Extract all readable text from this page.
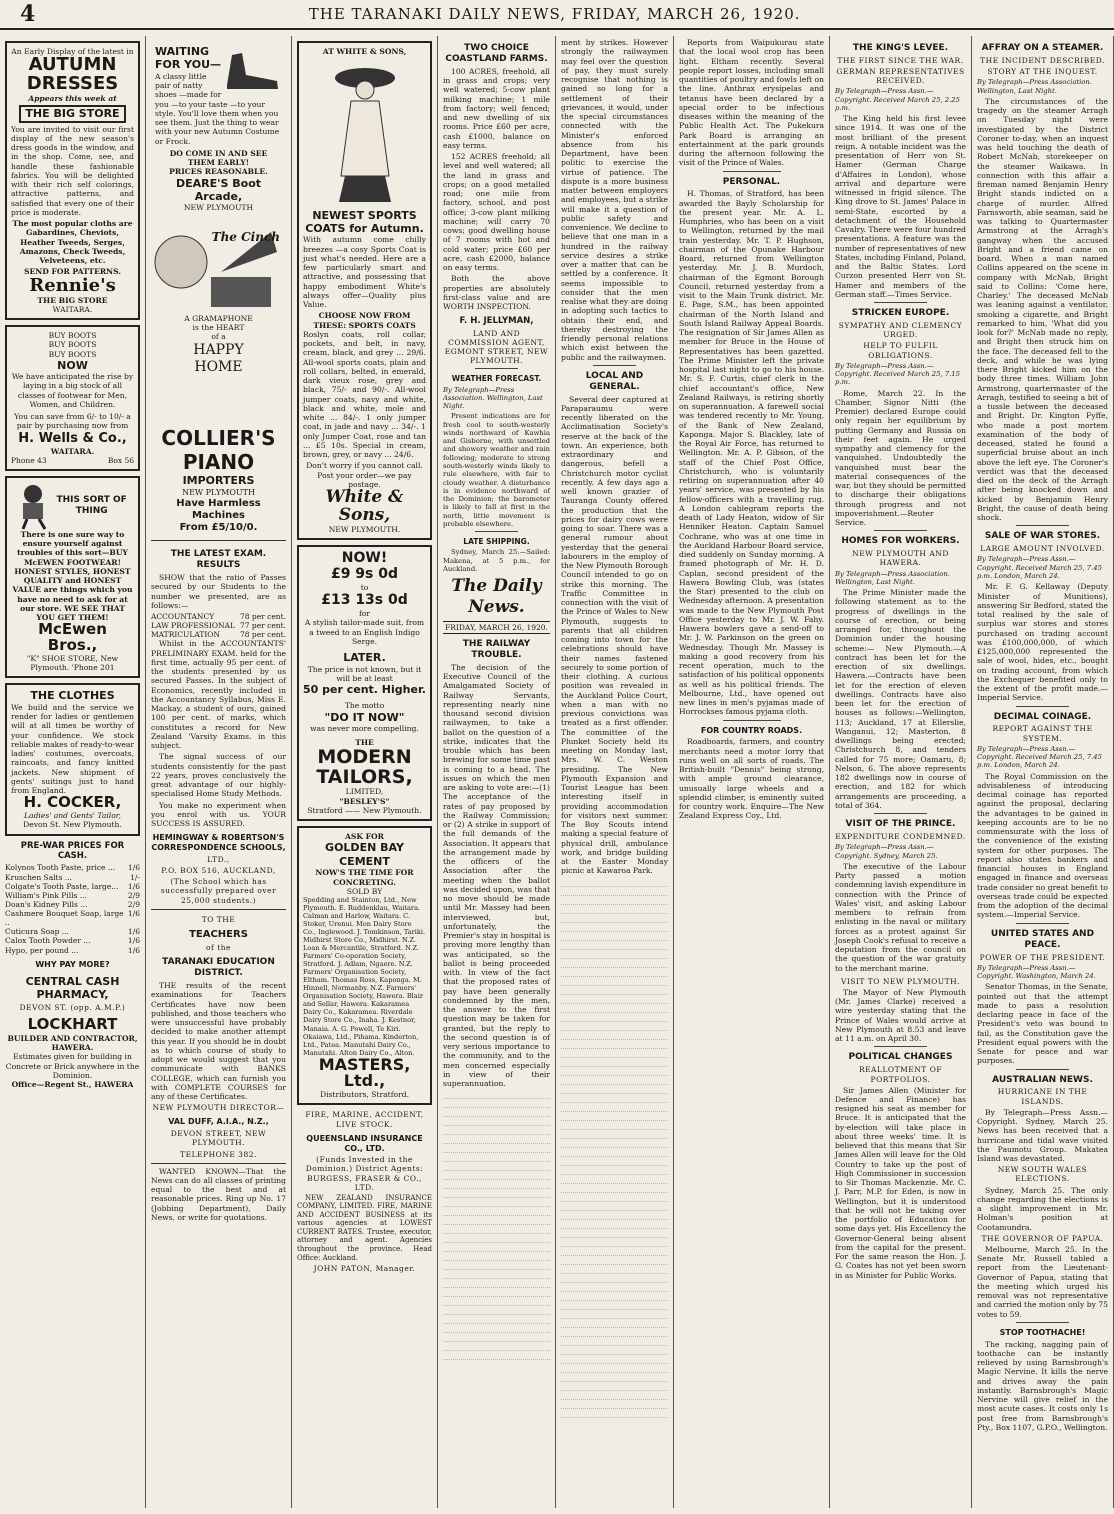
4	THE TARANAKI DAILY NEWS, FRIDAY, MARCH 26, 1920.
An Early Display of the latest in
AUTUMN
DRESSES
Appears this week at
THE BIG STORE
You are invited to visit our first display of the new season's dress goods in the window, and in the shop. Come, see, and handle these fashionable fabrics. You will be delighted with their rich self colorings, attractive patterns, and satisfied that every one of their price is moderate.
The most popular cloths are Gabardines, Cheviots, Heather Tweeds, Serges, Amazons, Check Tweeds, Velveteens, etc.
SEND FOR PATTERNS.
Rennie's
THE BIG STORE
WAITARA.
BUY BOOTS
BUY BOOTS
BUY BOOTS
NOW
We have anticipated the rise by laying in a big stock of all classes of footwear for Men, Women, and Children.
You can save from 6/- to 10/- a pair by purchasing now from
H. Wells & Co.,
WAITARA.
Phone 43	Box 56
THIS SORT OF THING
There is one sure way to ensure yourself against troubles of this sort—BUY McEWEN FOOTWEAR! HONEST STYLES, HONEST QUALITY and HONEST VALUE are things which you have no need to ask for at our store. WE SEE THAT YOU GET THEM!
McEwen Bros.,
"K" SHOE STORE, New Plymouth. 'Phone 201
THE CLOTHES
We build and the service we render for ladies or gentlemen will at all times be worthy of your confidence. We stock reliable makes of ready-to-wear ladies' costumes, overcoats, raincoats, and fancy knitted jackets. New shipment of gents' suitings just to hand from England.
H. COCKER,
Ladies' and Gents' Tailor,
Devon St. New Plymouth.
PRE-WAR PRICES FOR CASH.
Kolynos Tooth Paste, price ... 1/6
Kruschen Salts ...	1/-
Colgate's Tooth Paste, large... 1/6
William's Pink Pills ...	2/9
Doan's Kidney Pills ...	2/9
Cashmere Bouquet Soap, large ..
1/6
Cuticura Soap ...	1/6
Calox Tooth Powder ...	1/6
Hypo, per pound ...	1/6
WHY PAY MORE?
CENTRAL CASH PHARMACY,
DEVON ST. (opp. A.M.P.)
LOCKHART
BUILDER AND CONTRACTOR, HAWERA.
Estimates given for building in Concrete or Brick anywhere in the Dominion.
Office—Regent St., HAWERA
WAITING FOR YOU—
A classy little pair of natty shoes —made for you —to your taste —to your style. You'll love them when you see them. Just the thing to wear with your new Autumn Costume or Frock.
DO COME IN AND SEE THEM EARLY!
PRICES REASONABLE.
DEARE'S Boot Arcade,
NEW PLYMOUTH
The Cinch
A GRAMAPHONE
is the HEART
of a
HAPPY
HOME
COLLIER'S
PIANO
IMPORTERS
NEW PLYMOUTH
Have Harmless Machines
From £5/10/0.
THE LATEST EXAM. RESULTS

SHOW that the ratio of Passes secured by our Students to the number we presented, are as follows:—

ACCOUNTANCY	78 per cent.
LAW PROFESSIONAL 77 per cent.
MATRICULATION	78 per cent.

Whilst in the ACCOUNTANTS' PRELIMINARY EXAM. held for the first time, actually 95 per cent. of the students presented by us secured Passes. In the subject of Economics, recently included in the Accountancy Syllabus, Miss E. Mackay, a student of ours, gained 100 per cent. of marks, which constitutes a record for New Zealand 'Varsity Exams. in this subject.

The signal success of our students consistently for the past 22 years, proves conclusively the great advantage of our highly-specialised Home Study Methods.

You make no experiment when you enrol with us. YOUR SUCCESS IS ASSURED.

HEMINGWAY & ROBERTSON'S CORRESPONDENCE SCHOOLS,
LTD.,
P.O. BOX 516, AUCKLAND,
(The School which has successfully prepared over 25,000 students.)
TO THE
TEACHERS
of the
TARANAKI EDUCATION DISTRICT.

THE results of the recent examinations for Teachers Certificates have now been published, and those teachers who were unsuccessful have probably decided to make another attempt this year. If you should be in doubt as to which course of study to adopt we would suggest that you communicate with BANKS COLLEGE, which can furnish you with COMPLETE COURSES for any of these Certificates.

NEW PLYMOUTH DIRECTOR—
VAL DUFF, A.I.A., N.Z.,
DEVON STREET, NEW PLYMOUTH.
TELEPHONE 382.

WANTED KNOWN—That the News can do all classes of printing equal to the best and at reasonable prices. Ring up No. 17 (Jobbing Department), Daily News, or write for quotations.

AT WHITE & SONS,
NEWEST SPORTS COATS for Autumn.
With autumn come chilly breezes —a cosy Sports Coat is just what's needed. Here are a few particularly smart and attractive, and possessing that happy embodiment White's always offer—Quality plus Value.
CHOOSE NOW FROM THESE: SPORTS COATS
Roslyn coats, roll collar, pockets, and belt, in navy, cream, black, and grey ... 29/6. All-wool sports coats, plain and roll collars, belted, in emerald, dark vieux rose, grey and black, 75/- and 90/-. All-wool jumper coats, navy and white, black and white, mole and white ... 84/-. 1 only jumper coat, in jade and navy ... 34/-. 1 only Jumper Coat, rose and tan ... £5 10s. Special in cream, brown, grey, or navy ... 24/6.
Don't worry if you cannot call. Post your order—we pay postage.
White & Sons,
NEW PLYMOUTH.
NOW!
£9 9s 0d
to
£13 13s 0d
for
A stylish tailor-made suit, from a tweed to an English Indigo Serge.
LATER.
The price is not known, but it will be at least
50 per cent. Higher.
The motto
"DO IT NOW"
was never more compelling.
THE
MODERN
TAILORS,
LIMITED,
"BESLEY'S"
Stratford —— New Plymouth.
ASK FOR
GOLDEN BAY CEMENT
NOW'S THE TIME FOR CONCRETING.
SOLD BY
Spedding and Stainton, Ltd., New Plymouth. E. Ruddenklau, Waitara. Calman and Harlow, Waitara. C. Stoker, Urenui. Mon Dairy Store Co., Inglewood. J. Tomkinson, Tariki. Midhirst Store Co., Midhirst. N.Z. Loan & Mercantile, Stratford. N.Z. Farmers' Co-operation Society, Stratford. J. Adlam, Ngaere. N.Z. Farmers' Organisation Society, Eltham. Thomas Ross, Kaponga. M. Hinnell, Normanby. N.Z. Farmers' Organisation Society, Hawera. Blair and Sellar, Hawera. Kakaramea Dairy Co., Kakaramea. Riverdale Dairy Store Co., Inaha. J. Kestnor, Manaia. A. G. Powell, Te Kiri. Okaiawa, Ltd., Pihama. Kinderton, Ltd., Patea. Manutahi Dairy Co., Manutahi. Alton Dairy Co., Alton.
MASTERS, Ltd.,
Distributors, Stratford.
FIRE, MARINE, ACCIDENT, LIVE STOCK.
QUEENSLAND INSURANCE CO., LTD.
(Funds Invested in the Dominion.) District Agents: BURGESS, FRASER & CO., LTD.

NEW ZEALAND INSURANCE COMPANY, LIMITED. FIRE, MARINE AND ACCIDENT BUSINESS at its various agencies at LOWEST CURRENT RATES. Trustee, executor, attorney and agent. Agencies throughout the province. Head Office: Auckland.

JOHN PATON, Manager.
TWO CHOICE COASTLAND FARMS.

100 ACRES, freehold, all in grass and crops; very well watered; 5-cow plant milking machine; 1 mile from factory; well fenced; and new dwelling of six rooms. Price £60 per acre, cash £1000, balance on easy terms.

152 ACRES freehold; all level and well watered; all the land in grass and crops; on a good metalled road; one mile from factory, school, and post office; 3-cow plant milking machine; will carry 70 cows; good dwelling house of 7 rooms with hot and cold water; price £60 per acre, cash £2000, balance on easy terms.

Both the above properties are absolutely first-class value and are WORTH INSPECTION.

F. H. JELLYMAN,
LAND AND COMMISSION AGENT, EGMONT STREET, NEW PLYMOUTH.
WEATHER FORECAST.
By Telegraph—Press Association. Wellington, Last Night.

Present indications are for fresh cool to south-westerly winds northward of Kawhia and Gisborne, with unsettled and showery weather and rain following; moderate to strong south-westerly winds likely to rule elsewhere, with fair to cloudy weather. A disturbance is in evidence northward of the Dominion; the barometer is likely to fall at first in the north, little movement is probable elsewhere.

LATE SHIPPING.

Sydney, March 25.—Sailed: Makena, at 5 p.m., for Auckland.

The Daily News.
FRIDAY, MARCH 26, 1920.
THE RAILWAY TROUBLE.

The decision of the Executive Council of the Amalgamated Society of Railway Servants, representing nearly nine thousand second division railwaymen, to take a ballot on the question of a strike, indicates that the trouble which has been brewing for some time past is coming to a head. The issues on which the men are asking to vote are:—(1) The acceptance of the rates of pay proposed by the Railway Commission; or (2) A strike in support of the full demands of the Association. It appears that the arrangement made by the officers of the Association after the meeting when the ballot was decided upon, was that no move should be made until Mr. Massey had been interviewed, but, unfortunately, the Premier's stay in hospital is proving more lengthy than was anticipated, so the ballot is being proceeded with. In view of the fact that the proposed rates of pay have been generally condemned by the men, the answer to the first question may be taken for granted, but the reply to the second question is of very serious importance to the community, and to the men concerned especially in view of their superannuation.

ment by strikes. However strongly the railwaymen may feel over the question of pay, they must surely recognise that nothing is gained so long for a settlement of their grievances, it would, under the special circumstances connected with the Minister's enforced absence from his Department, have been politic to exercise the virtue of patience. The dispute is a more business matter between employers and employees, but a strike will make it a question of public safety and convenience. We decline to believe that one man in a hundred in the railway service desires a strike over a matter that can be settled by a conference. It seems impossible to consider that the men realise what they are doing in adopting such tactics to obtain their end, and thereby destroying the friendly personal relations which exist between the public and the railwaymen.

LOCAL AND GENERAL.

Several deer captured at Paraparaumu were recently liberated on the Acclimatisation Society's reserve at the back of the town. An experience, both extraordinary and dangerous, befell a Christchurch motor cyclist recently. A few days ago a well known grazier of Tauranga County offered the production that the prices for dairy cows were going to soar. There was a general rumour about yesterday that the general labourers in the employ of the New Plymouth Borough Council intended to go on strike this morning. The Traffic Committee in connection with the visit of the Prince of Wales to New Plymouth, suggests to parents that all children coming into town for the celebrations should have their names fastened securely to some portion of their clothing. A curious position was revealed in the Auckland Police Court, when a man with no previous convictions was treated as a first offender. The committee of the Plunket Society held its meeting on Monday last, Mrs. W. C. Weston presiding. The New Plymouth Expansion and Tourist League has been interesting itself in providing accommodation for visitors next summer. The Boy Scouts intend making a special feature of physical drill, ambulance work, and bridge building at the Easter Monday picnic at Kawaroa Park.

Reports from Waipukurau state that the local wool crop has been light. Eltham recently. Several people report losses, including small quantities of poultry and fowls left on the line. Anthrax erysipelas and tetanus have been declared by a special order to be infectious diseases within the meaning of the Public Health Act. The Pukekura Park Board is arranging an entertainment at the park grounds during the afternoon following the visit of the Prince of Wales.

PERSONAL.

H. Thomas, of Stratford, has been awarded the Bayly Scholarship for the present year. Mr. A. L. Humphries, who has been on a visit to Wellington, returned by the mail train yesterday. Mr. T. P. Hughson, chairman of the Opunake Harbour Board, returned from Wellington yesterday. Mr. J. B. Murdoch, chairman of the Egmont Borough Council, returned yesterday from a visit to the Main Trunk district. Mr. E. Page, S.M., has been appointed chairman of the North Island and South Island Railway Appeal Boards. The resignation of Sir James Allen as member for Bruce in the House of Representatives has been gazetted. The Prime Minister left the private hospital last night to go to his house. Mr. S. F. Curtis, chief clerk in the chief accountant's office, New Zealand Railways, is retiring shortly on superannuation. A farewell social was tendered recently to Mr. Young, of the Bank of New Zealand, Kaponga. Major S. Blackley, late of the Royal Air Force, has returned to Wellington. Mr. A. P. Gibson, of the staff of the Chief Post Office, Christchurch, who is voluntarily retiring on superannuation after 40 years' service, was presented by his fellow-officers with a travelling rug. A London cablegram reports the death of Lady Heaton, widow of Sir Henniker Heaton. Captain Samuel Cochrane, who was at one time in the Auckland Harbour Board service, died suddenly on Sunday morning. A framed photograph of Mr. H. D. Caplan, second president of the Hawera Bowling Club, was (states the Star) presented to the club on Wednesday afternoon. A presentation was made to the New Plymouth Post Office yesterday to Mr. J. W. Fahy. Hawera bowlers gave a send-off to Mr. J. W. Parkinson on the green on Wednesday. Though Mr. Massey is making a good recovery from his recent operation, much to the satisfaction of his political opponents as well as his political friends. The Melbourne, Ltd., have opened out new lines in men's pyjamas made of Horrockses famous pyjama cloth.

FOR COUNTRY ROADS.

Roadboards, farmers, and country merchants need a motor lorry that runs well on all sorts of roads. The British-built "Dennis" being strong, with ample ground clearance, unusually large wheels and a splendid climber, is eminently suited for country work. Enquire—The New Zealand Express Coy., Ltd.

THE KING'S LEVEE.
THE FIRST SINCE THE WAR.
GERMAN REPRESENTATIVES RECEIVED.
By Telegraph—Press Assn.—Copyright. Received March 25, 2.25 p.m.

The King held his first levee since 1914. It was one of the most brilliant of the present reign. A notable incident was the presentation of Herr von St. Hamer (German Charge d'Affaires in London), whose arrival and departure were witnessed in frigid silence. The King drove to St. James' Palace in semi-State, escorted by a detachment of the Household Cavalry. There were four hundred presentations. A feature was the number of representatives of new States, including Finland, Poland, and the Baltic States. Lord Curzon presented Herr von St. Hamer and members of the German staff.—Times Service.

STRICKEN EUROPE.
SYMPATHY AND CLEMENCY URGED.
HELP TO FULFIL OBLIGATIONS.
By Telegraph—Press Assn.—Copyright. Received March 25, 7.15 p.m.

Rome, March 22. In the Chamber, Signor Nitti (the Premier) declared Europe could only regain her equilibrium by putting Germany and Russia on their feet again. He urged sympathy and clemency for the vanquished. Undoubtedly the vanquished must bear the material consequences of the war, but they should be permitted to discharge their obligations through progress and not impoverishment.—Reuter Service.

HOMES FOR WORKERS.
NEW PLYMOUTH AND HAWERA.
By Telegraph—Press Association. Wellington, Last Night.

The Prime Minister made the following statement as to the progress of dwellings in the course of erection, or being arranged for, throughout the Dominion under the housing scheme:— New Plymouth.—A contract has been let for the erection of six dwellings. Hawera.—Contracts have been let for the erection of eleven dwellings. Contracts have also been let for the erection of houses as follows:—Wellington, 113; Auckland, 17 at Ellerslie, Wanganui, 12; Masterton, 8 dwellings being erected; Christchurch 8, and tenders called for 75 more; Oamaru, 8; Nelson, 6. The above represents 182 dwellings now in course of erection, and 182 for which arrangements are proceeding, a total of 364.

VISIT OF THE PRINCE.
EXPENDITURE CONDEMNED.
By Telegraph—Press Assn.—Copyright. Sydney, March 25.

The executive of the Labour Party passed a motion condemning lavish expenditure in connection with the Prince of Wales' visit, and asking Labour members to refrain from enlisting in the naval or military forces as a protest against Sir Joseph Cook's refusal to receive a deputation from the council on the question of the war gratuity to the merchant marine.

VISIT TO NEW PLYMOUTH.

The Mayor of New Plymouth (Mr. James Clarke) received a wire yesterday stating that the Prince of Wales would arrive at New Plymouth at 8.53 and leave at 11 a.m. on April 30.

POLITICAL CHANGES
REALLOTMENT OF PORTFOLIOS.

Sir James Allen (Minister for Defence and Finance) has resigned his seat as member for Bruce. It is anticipated that the by-election will take place in about three weeks' time. It is believed that this means that Sir James Allen will leave for the Old Country to take up the post of High Commissioner in succession to Sir Thomas Mackenzie. Mr. C. J. Parr, M.P. for Eden, is now in Wellington, but it is understood that he will not be taking over the portfolio of Education for some days yet. His Excellency the Governor-General being absent from the capital for the present. For the same reason the Hon. J. G. Coates has not yet been sworn in as Minister for Public Works.

AFFRAY ON A STEAMER.
THE INCIDENT DESCRIBED.
STORY AT THE INQUEST.
By Telegraph—Press Association. Wellington, Last Night.

The circumstances of the tragedy on the steamer Arragh on Tuesday night were investigated by the District Coroner to-day, when an inquest was held touching the death of Robert McNab, storekeeper on the steamer Waikawa. In connection with this affair a fireman named Benjamin Henry Bright stands indicted on a charge of murder. Alfred Farnsworth, able seaman, said he was talking to Quartermaster Armstrong at the Arragh's gangway when the accused Bright and a friend came on board. When a man named Collins appeared on the scene in company with McNab, Bright said to Collins: 'Come here, Charley.' The deceased McNab was leaning against a ventilator, smoking a cigarette, and Bright remarked to him, 'What did you look for?' McNab made no reply, and Bright then struck him on the face. The deceased fell to the deck, and while he was lying there Bright kicked him on the body three times. William John Armstrong, quartermaster of the Arragh, testified to seeing a bit of a tussle between the deceased and Bright. Dr. Kington Fyffe, who made a post mortem examination of the body of deceased, stated he found a superficial bruise about an inch above the left eye. The Coroner's verdict was that the deceased died on the deck of the Arragh after being knocked down and kicked by Benjamin Henry Bright, the cause of death being shock.

SALE OF WAR STORES.
LARGE AMOUNT INVOLVED.
By Telegraph—Press Assn.—Copyright. Received March 25, 7.45 p.m. London, March 24.

Mr. F. G. Kellaway (Deputy Minister of Munitions), answering Sir Bedford, stated the total realised by the sale of surplus war stores and stores purchased on trading account was £100,000,000, of which £125,000,000 represented the sale of wool, hides, etc., bought on trading account, from which the Exchequer benefited only to the extent of the profit made.—Imperial Service.

DECIMAL COINAGE.
REPORT AGAINST THE SYSTEM.
By Telegraph—Press Assn.—Copyright. Received March 25, 7.45 p.m. London, March 24.

The Royal Commission on the advisableness of introducing decimal coinage has reported against the proposal, declaring the advantages to be gained in keeping accounts are to be no commensurate with the loss of the convenience of the existing system for other purposes. The report also states bankers and financial houses in England engaged in finance and overseas trade consider no great benefit to overseas trade could be expected from the adoption of the decimal system.—Imperial Service.

UNITED STATES AND PEACE.
POWER OF THE PRESIDENT.
By Telegraph—Press Assn.—Copyright. Washington, March 24.

Senator Thomas, in the Senate, pointed out that the attempt made to pass a resolution declaring peace in face of the President's veto was bound to fail, as the Constitution gave the President equal powers with the Senate for peace and war purposes.

AUSTRALIAN NEWS.
HURRICANE IN THE ISLANDS.

By Telegraph—Press Assn.—Copyright. Sydney, March 25. News has been received that a hurricane and tidal wave visited the Paumotu Group. Makatea Island was devastated.

NEW SOUTH WALES ELECTIONS.

Sydney, March 25. The only change regarding the elections is a slight improvement in Mr. Holman's position at Cootamundra.

THE GOVERNOR OF PAPUA.

Melbourne, March 25. In the Senate Mr. Russell tabled a report from the Lieutenant-Governor of Papua, stating that the meeting which urged his removal was not representative and carried the motion only by 75 votes to 59.

STOP TOOTHACHE!

The racking, nagging pain of toothache can be instantly relieved by using Barnsbrough's Magic Nervine. It kills the nerve and drives away the pain instantly. Barnsbrough's Magic Nervine will give relief in the most acute cases. It costs only 1s post free from Barnsbrough's Pty., Box 1107, G.P.O., Wellington.
